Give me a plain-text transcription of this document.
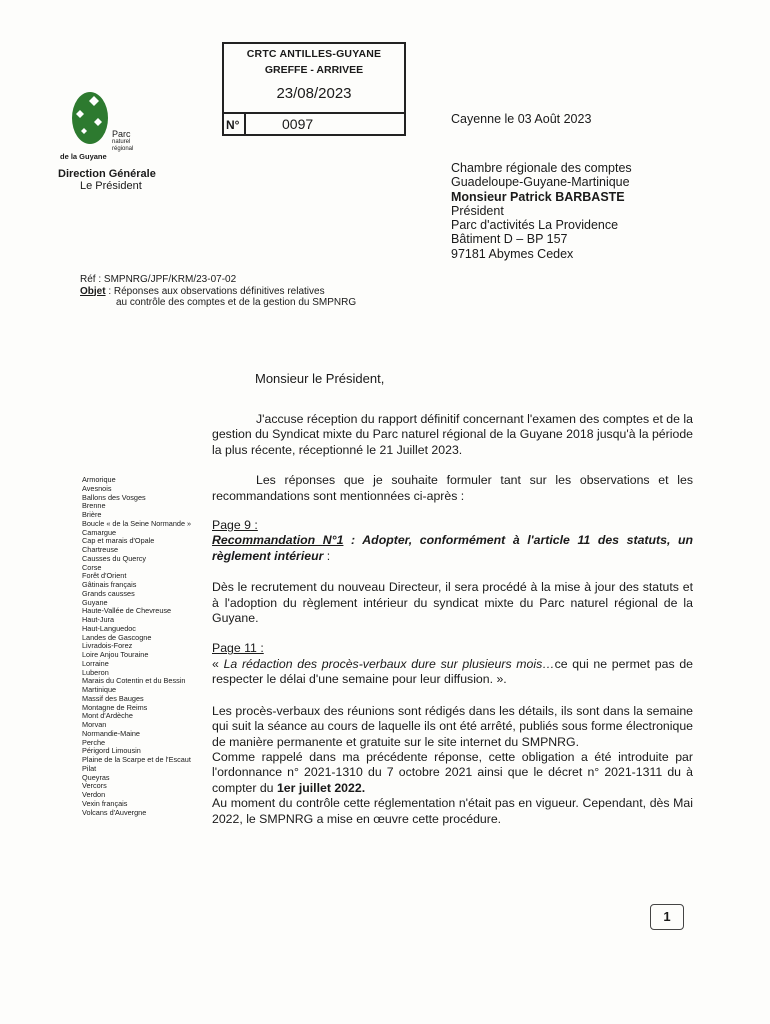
CRTC ANTILLES-GUYANE
GREFFE - ARRIVEE
23/08/2023
N°	0097
Parc
naturel
régional
de la Guyane
Direction Générale
Le Président
Cayenne le 03 Août 2023
Chambre régionale des comptes
Guadeloupe-Guyane-Martinique
Monsieur Patrick BARBASTE
Président
Parc d'activités La Providence
Bâtiment D – BP 157
97181 Abymes Cedex
Réf : SMPNRG/JPF/KRM/23-07-02
Objet : Réponses aux observations définitives relatives
au contrôle des comptes et de la gestion du SMPNRG
Monsieur le Président,
Armorique
Avesnois
Ballons des Vosges
Brenne
Brière
Boucle « de la Seine Normande »
Camargue
Cap et marais d'Opale
Chartreuse
Causses du Quercy
Corse
Forêt d'Orient
Gâtinais français
Grands causses
Guyane
Haute-Vallée de Chevreuse
Haut-Jura
Haut-Languedoc
Landes de Gascogne
Livradois-Forez
Loire Anjou Touraine
Lorraine
Luberon
Marais du Cotentin et du Bessin
Martinique
Massif des Bauges
Montagne de Reims
Mont d'Ardèche
Morvan
Normandie-Maine
Perche
Périgord Limousin
Plaine de la Scarpe et de l'Escaut
Pilat
Queyras
Vercors
Verdon
Vexin français
Volcans d'Auvergne

J'accuse réception du rapport définitif concernant l'examen des comptes et de la gestion du Syndicat mixte du Parc naturel régional de la Guyane 2018 jusqu'à la période la plus récente, réceptionné le 21 Juillet 2023.

Les réponses que je souhaite formuler tant sur les observations et les recommandations sont mentionnées ci-après :

Page 9 :

Recommandation N°1 : Adopter, conformément à l'article 11 des statuts, un règlement intérieur :

Dès le recrutement du nouveau Directeur, il sera procédé à la mise à jour des statuts et à l'adoption du règlement intérieur du syndicat mixte du Parc naturel régional de la Guyane.

Page 11 :

« La rédaction des procès-verbaux dure sur plusieurs mois…ce qui ne permet pas de respecter le délai d'une semaine pour leur diffusion. ».

Les procès-verbaux des réunions sont rédigés dans les détails, ils sont dans la semaine qui suit la séance au cours de laquelle ils ont été arrêté, publiés sous forme électronique de manière permanente et gratuite sur le site internet du SMPNRG.

Comme rappelé dans ma précédente réponse, cette obligation a été introduite par l'ordonnance n° 2021-1310 du 7 octobre 2021 ainsi que le décret n° 2021-1311 du à compter du 1er juillet 2022.

Au moment du contrôle cette réglementation n'était pas en vigueur. Cependant, dès Mai 2022, le SMPNRG a mise en œuvre cette procédure.

1
